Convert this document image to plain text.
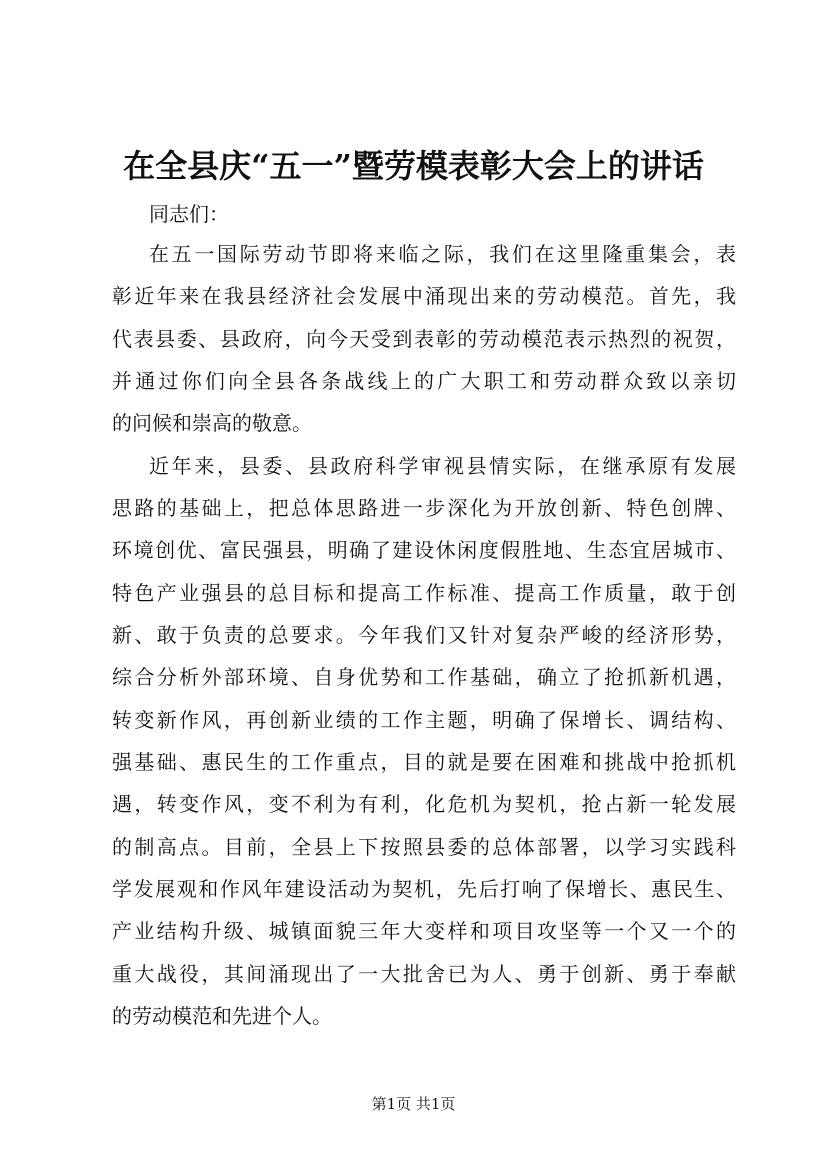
在全县庆“五一”暨劳模表彰大会上的讲话
同志们：
在五一国际劳动节即将来临之际，我们在这里隆重集会，表
彰近年来在我县经济社会发展中涌现出来的劳动模范。首先，我
代表县委、县政府，向今天受到表彰的劳动模范表示热烈的祝贺，
并通过你们向全县各条战线上的广大职工和劳动群众致以亲切
的问候和崇高的敬意。
近年来，县委、县政府科学审视县情实际，在继承原有发展
思路的基础上，把总体思路进一步深化为开放创新、特色创牌、
环境创优、富民强县，明确了建设休闲度假胜地、生态宜居城市、
特色产业强县的总目标和提高工作标准、提高工作质量，敢于创
新、敢于负责的总要求。今年我们又针对复杂严峻的经济形势，
综合分析外部环境、自身优势和工作基础，确立了抢抓新机遇，
转变新作风，再创新业绩的工作主题，明确了保增长、调结构、
强基础、惠民生的工作重点，目的就是要在困难和挑战中抢抓机
遇，转变作风，变不利为有利，化危机为契机，抢占新一轮发展
的制高点。目前，全县上下按照县委的总体部署，以学习实践科
学发展观和作风年建设活动为契机，先后打响了保增长、惠民生、
产业结构升级、城镇面貌三年大变样和项目攻坚等一个又一个的
重大战役，其间涌现出了一大批舍已为人、勇于创新、勇于奉献
的劳动模范和先进个人。
第1页 共1页
